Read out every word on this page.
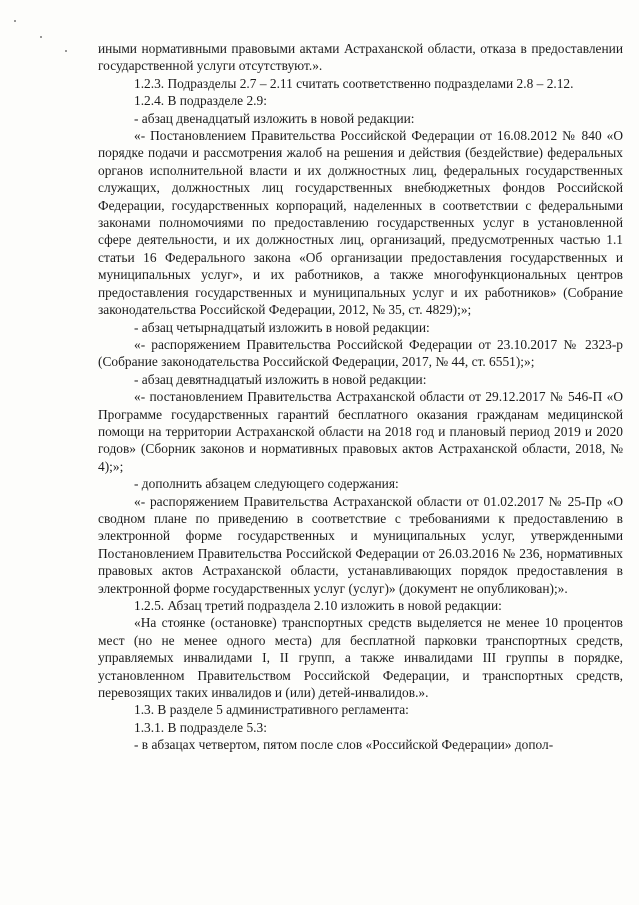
иными нормативными правовыми актами Астраханской области, отказа в предоставлении государственной услуги отсутствуют.».

1.2.3. Подразделы 2.7 – 2.11 считать соответственно подразделами 2.8 – 2.12.

1.2.4. В подразделе 2.9:

- абзац двенадцатый изложить в новой редакции:

«- Постановлением Правительства Российской Федерации от 16.08.2012 № 840 «О порядке подачи и рассмотрения жалоб на решения и действия (бездействие) федеральных органов исполнительной власти и их должностных лиц, федеральных государственных служащих, должностных лиц государственных внебюджетных фондов Российской Федерации, государственных корпораций, наделенных в соответствии с федеральными законами полномочиями по предоставлению государственных услуг в установленной сфере деятельности, и их должностных лиц, организаций, предусмотренных частью 1.1 статьи 16 Федерального закона «Об организации предоставления государственных и муниципальных услуг», и их работников, а также многофункциональных центров предоставления государственных и муниципальных услуг и их работников» (Собрание законодательства Российской Федерации, 2012, № 35, ст. 4829);»;

- абзац четырнадцатый изложить в новой редакции:

«- распоряжением Правительства Российской Федерации от 23.10.2017 № 2323-р (Собрание законодательства Российской Федерации, 2017, № 44, ст. 6551);»;

- абзац девятнадцатый изложить в новой редакции:

«- постановлением Правительства Астраханской области от 29.12.2017 № 546-П «О Программе государственных гарантий бесплатного оказания гражданам медицинской помощи на территории Астраханской области на 2018 год и плановый период 2019 и 2020 годов» (Сборник законов и нормативных правовых актов Астраханской области, 2018, № 4);»;

- дополнить абзацем следующего содержания:

«- распоряжением Правительства Астраханской области от 01.02.2017 № 25-Пр «О сводном плане по приведению в соответствие с требованиями к предоставлению в электронной форме государственных и муниципальных услуг, утвержденными Постановлением Правительства Российской Федерации от 26.03.2016 № 236, нормативных правовых актов Астраханской области, устанавливающих порядок предоставления в электронной форме государственных услуг (услуг)» (документ не опубликован);».

1.2.5. Абзац третий подраздела 2.10 изложить в новой редакции:

«На стоянке (остановке) транспортных средств выделяется не менее 10 процентов мест (но не менее одного места) для бесплатной парковки транспортных средств, управляемых инвалидами I, II групп, а также инвалидами III группы в порядке, установленном Правительством Российской Федерации, и транспортных средств, перевозящих таких инвалидов и (или) детей-инвалидов.».

1.3. В разделе 5 административного регламента:

1.3.1. В подразделе 5.3:

- в абзацах четвертом, пятом после слов «Российской Федерации» допол-
